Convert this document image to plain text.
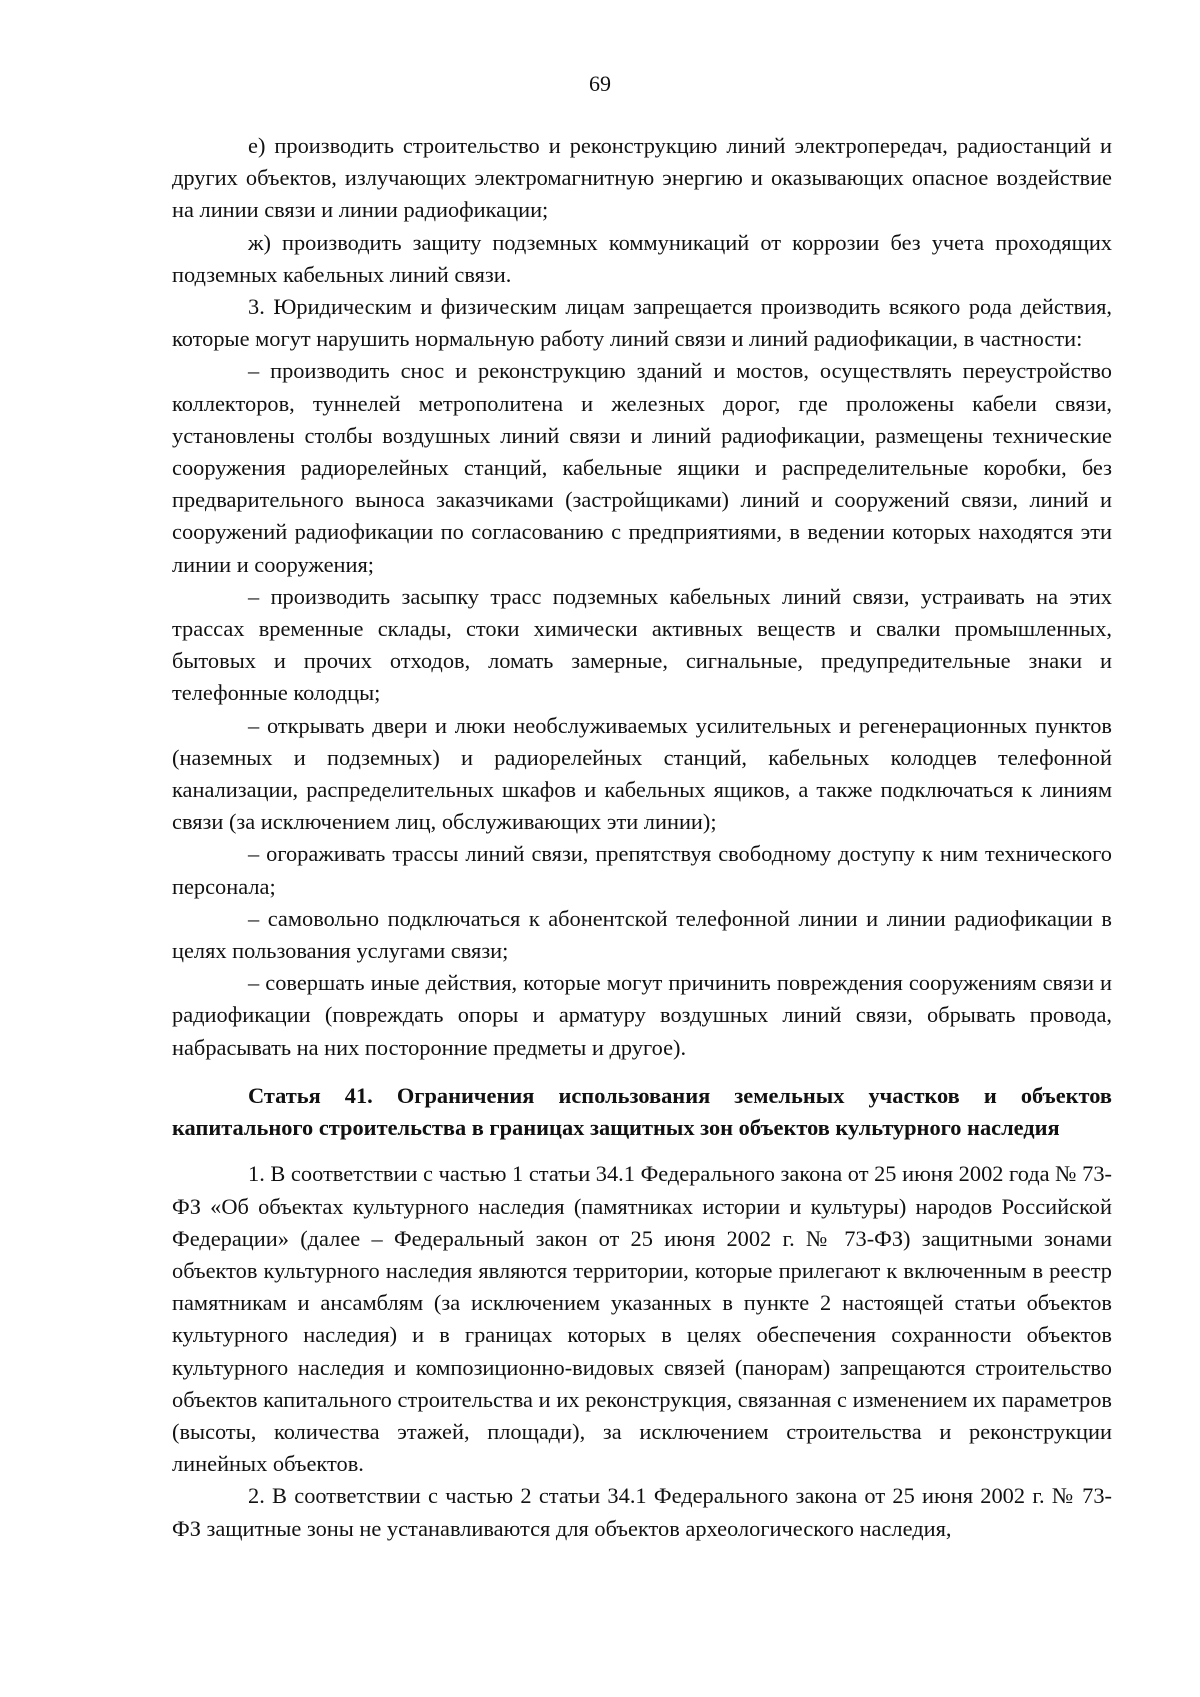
69

е) производить строительство и реконструкцию линий электропередач, радиостанций и других объектов, излучающих электромагнитную энергию и оказывающих опасное воздействие на линии связи и линии радиофикации;

ж) производить защиту подземных коммуникаций от коррозии без учета проходящих подземных кабельных линий связи.

3. Юридическим и физическим лицам запрещается производить всякого рода действия, которые могут нарушить нормальную работу линий связи и линий радиофикации, в частности:

– производить снос и реконструкцию зданий и мостов, осуществлять переустройство коллекторов, туннелей метрополитена и железных дорог, где проложены кабели связи, установлены столбы воздушных линий связи и линий радиофикации, размещены технические сооружения радиорелейных станций, кабельные ящики и распределительные коробки, без предварительного выноса заказчиками (застройщиками) линий и сооружений связи, линий и сооружений радиофикации по согласованию с предприятиями, в ведении которых находятся эти линии и сооружения;

– производить засыпку трасс подземных кабельных линий связи, устраивать на этих трассах временные склады, стоки химически активных веществ и свалки промышленных, бытовых и прочих отходов, ломать замерные, сигнальные, предупредительные знаки и телефонные колодцы;

– открывать двери и люки необслуживаемых усилительных и регенерационных пунктов (наземных и подземных) и радиорелейных станций, кабельных колодцев телефонной канализации, распределительных шкафов и кабельных ящиков, а также подключаться к линиям связи (за исключением лиц, обслуживающих эти линии);

– огораживать трассы линий связи, препятствуя свободному доступу к ним технического персонала;

– самовольно подключаться к абонентской телефонной линии и линии радиофикации в целях пользования услугами связи;

– совершать иные действия, которые могут причинить повреждения сооружениям связи и радиофикации (повреждать опоры и арматуру воздушных линий связи, обрывать провода, набрасывать на них посторонние предметы и другое).

Статья 41. Ограничения использования земельных участков и объектов капитального строительства в границах защитных зон объектов культурного наследия

1. В соответствии с частью 1 статьи 34.1 Федерального закона от 25 июня 2002 года № 73-ФЗ «Об объектах культурного наследия (памятниках истории и культуры) народов Российской Федерации» (далее – Федеральный закон от 25 июня 2002 г. № 73-ФЗ) защитными зонами объектов культурного наследия являются территории, которые прилегают к включенным в реестр памятникам и ансамблям (за исключением указанных в пункте 2 настоящей статьи объектов культурного наследия) и в границах которых в целях обеспечения сохранности объектов культурного наследия и композиционно-видовых связей (панорам) запрещаются строительство объектов капитального строительства и их реконструкция, связанная с изменением их параметров (высоты, количества этажей, площади), за исключением строительства и реконструкции линейных объектов.

2. В соответствии с частью 2 статьи 34.1 Федерального закона от 25 июня 2002 г. № 73-ФЗ защитные зоны не устанавливаются для объектов археологического наследия,
